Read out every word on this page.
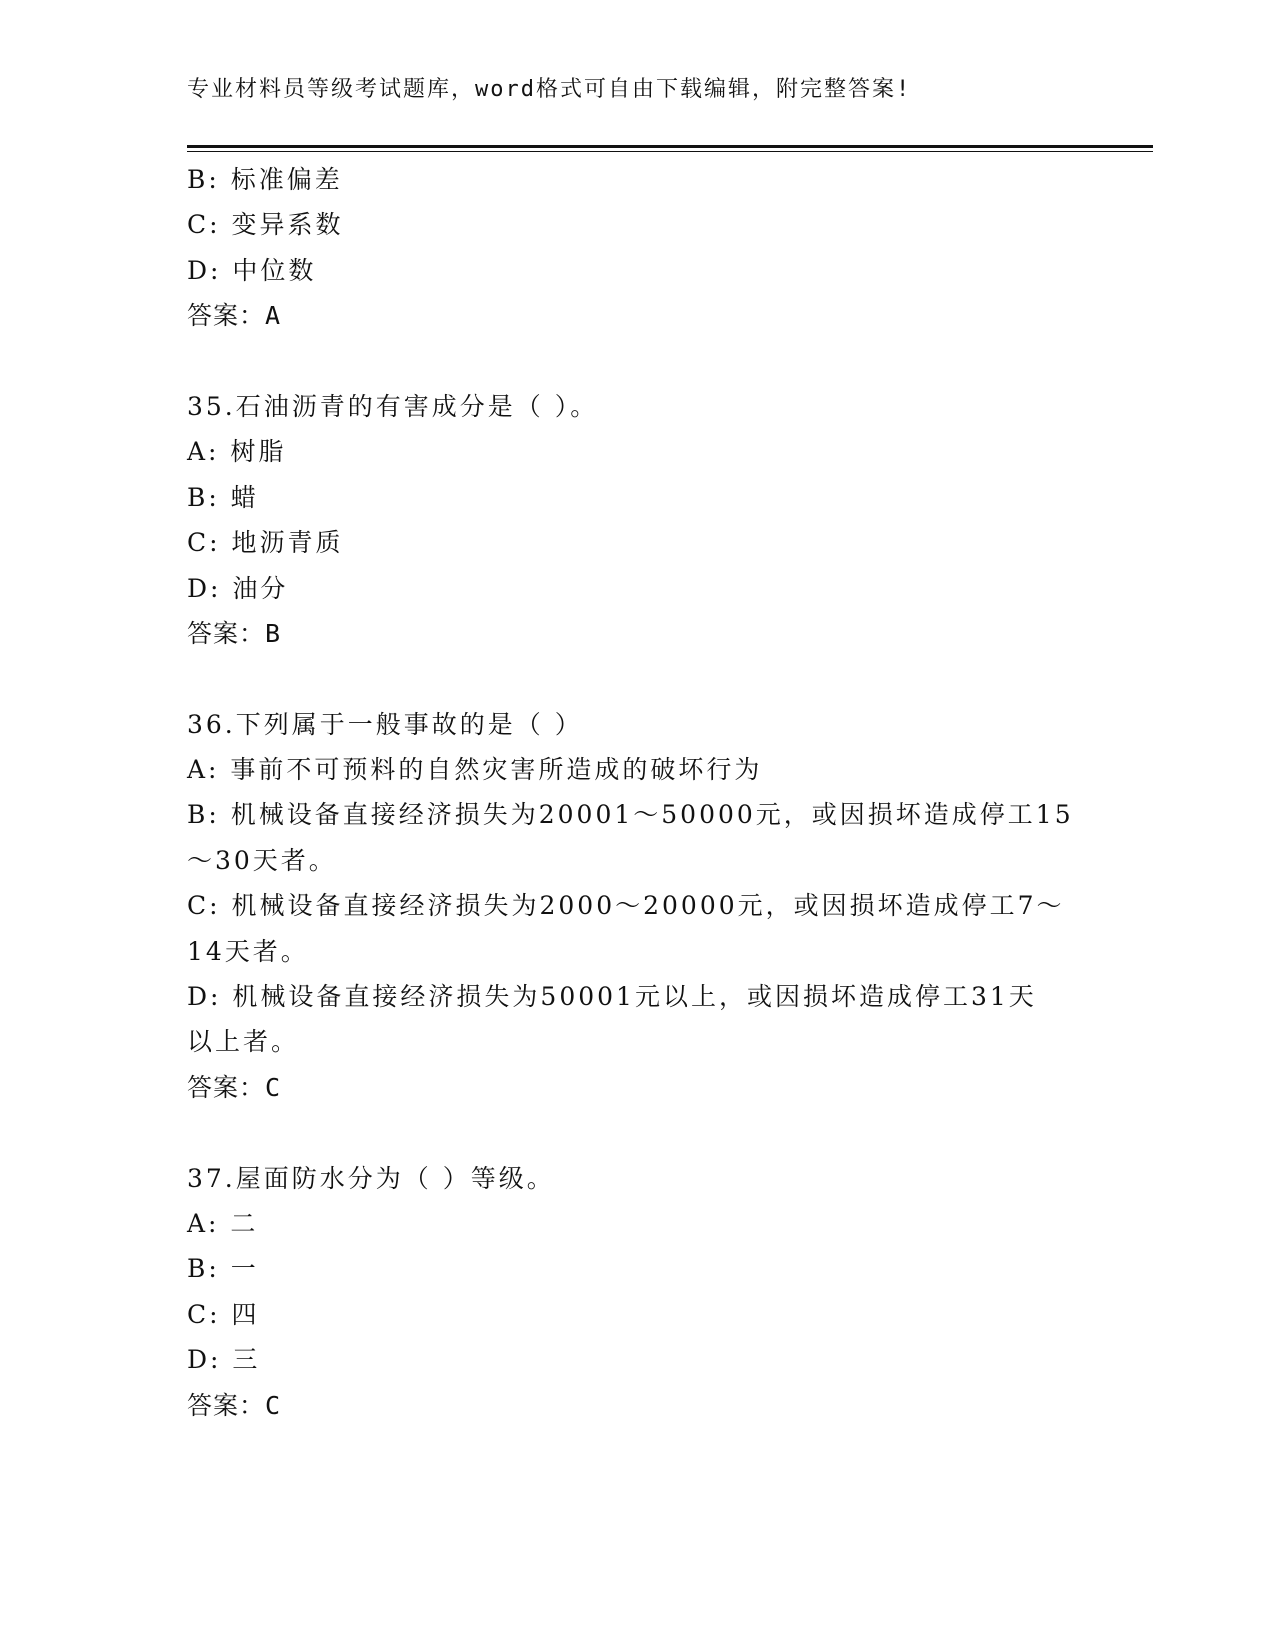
专业材料员等级考试题库，word格式可自由下载编辑，附完整答案!
B: 标准偏差
C: 变异系数
D: 中位数
答案：A
35.石油沥青的有害成分是（ ）。
A: 树脂
B: 蜡
C: 地沥青质
D: 油分
答案：B
36.下列属于一般事故的是（ ）
A: 事前不可预料的自然灾害所造成的破坏行为
B: 机械设备直接经济损失为20001～50000元，或因损坏造成停工15
～30天者。
C: 机械设备直接经济损失为2000～20000元，或因损坏造成停工7～
14天者。
D: 机械设备直接经济损失为50001元以上，或因损坏造成停工31天
以上者。
答案：C
37.屋面防水分为（ ）等级。
A: 二
B: 一
C: 四
D: 三
答案：C
